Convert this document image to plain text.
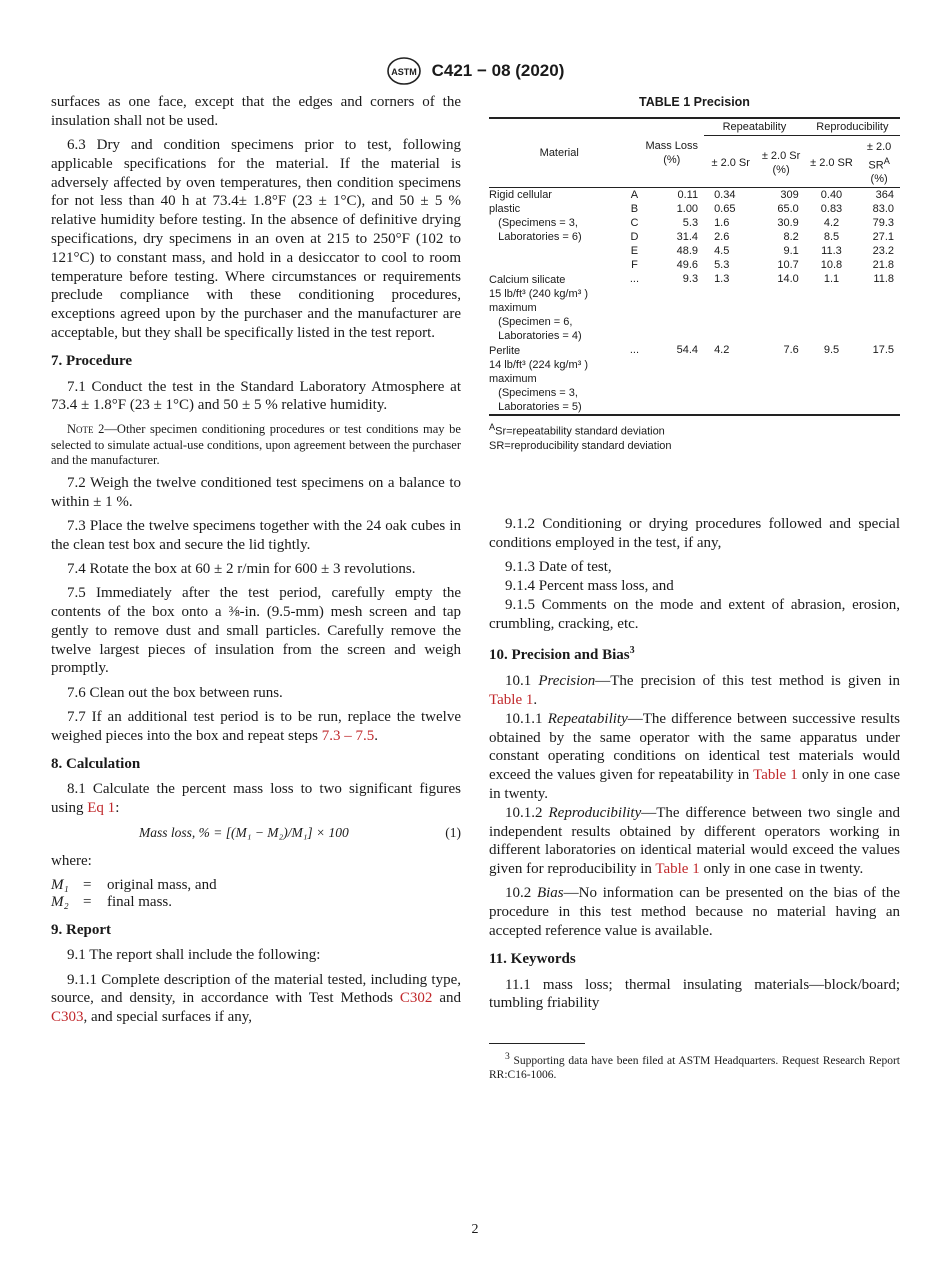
ASTM C421 − 08 (2020)

surfaces as one face, except that the edges and corners of the insulation shall not be used.

6.3 Dry and condition specimens prior to test, following applicable specifications for the material. If the material is adversely affected by oven temperatures, then condition specimens for not less than 40 h at 73.4± 1.8°F (23 ± 1°C), and 50 ± 5 % relative humidity before testing. In the absence of definitive drying specifications, dry specimens in an oven at 215 to 250°F (102 to 121°C) to constant mass, and hold in a desiccator to cool to room temperature before testing. Where circumstances or requirements preclude compliance with these conditioning procedures, exceptions agreed upon by the purchaser and the manufacturer are acceptable, but they shall be specifically listed in the test report.

7. Procedure

7.1 Conduct the test in the Standard Laboratory Atmosphere at 73.4 ± 1.8°F (23 ± 1°C) and 50 ± 5 % relative humidity.

Note 2—Other specimen conditioning procedures or test conditions may be selected to simulate actual-use conditions, upon agreement between the purchaser and the manufacturer.

7.2 Weigh the twelve conditioned test specimens on a balance to within ± 1 %.

7.3 Place the twelve specimens together with the 24 oak cubes in the clean test box and secure the lid tightly.

7.4 Rotate the box at 60 ± 2 r/min for 600 ± 3 revolutions.

7.5 Immediately after the test period, carefully empty the contents of the box onto a ⅜-in. (9.5-mm) mesh screen and tap gently to remove dust and small particles. Carefully remove the twelve largest pieces of insulation from the screen and weigh promptly.

7.6 Clean out the box between runs.

7.7 If an additional test period is to be run, replace the twelve weighed pieces into the box and repeat steps 7.3 – 7.5.

8. Calculation

8.1 Calculate the percent mass loss to two significant figures using Eq 1:

Mass loss, % = [(M₁ − M₂)/M₁] × 100	(1)

where:

M₁	=	original mass, and
M₂	=	final mass.
9. Report

9.1 The report shall include the following:

9.1.1 Complete description of the material tested, including type, source, and density, in accordance with Test Methods C302 and C303, and special surfaces if any,

TABLE 1 Precision
Material		Mass Loss (%)	Repeatability		Reproducibility	
			± 2.0 Sr	± 2.0 Sr (%)	± 2.0 SR	± 2.0
$SR^A$
(%)
Rigid cellular	A	0.11	0.34	309	0.40	364
plastic	B	1.00	0.65	65.0	0.83	83.0
(Specimens = 3,	C	5.3	1.6	30.9	4.2	79.3
Laboratories = 6)	D	31.4	2.6	8.2	8.5	27.1
	E	48.9	4.5	9.1	11.3	23.2
	F	49.6	5.3	10.7	10.8	21.8
Calcium silicate	...	9.3	1.3	14.0	1.1	11.8
15 lb/ft³ (240 kg/m³ )						
maximum						
(Specimen = 6,						
Laboratories = 4)						
Perlite	...	54.4	4.2	7.6	9.5	17.5
14 lb/ft³ (224 kg/m³ )						
maximum						
(Specimens = 3,						
Laboratories = 5)						
$^A$Sr=repeatability standard deviation
SR=reproducibility standard deviation

9.1.2 Conditioning or drying procedures followed and special conditions employed in the test, if any,

9.1.3 Date of test,

9.1.4 Percent mass loss, and

9.1.5 Comments on the mode and extent of abrasion, erosion, crumbling, cracking, etc.

10. Precision and Bias$^3$

10.1 Precision—The precision of this test method is given in Table 1.

10.1.1 Repeatability—The difference between successive results obtained by the same operator with the same apparatus under constant operating conditions on identical test materials would exceed the values given for repeatability in Table 1 only in one case in twenty.

10.1.2 Reproducibility—The difference between two single and independent results obtained by different operators working in different laboratories on identical material would exceed the values given for reproducibility in Table 1 only in one case in twenty.

10.2 Bias—No information can be presented on the bias of the procedure in this test method because no material having an accepted reference value is available.

11. Keywords

11.1 mass loss; thermal insulating materials—block/board; tumbling friability

$^3$ Supporting data have been filed at ASTM Headquarters. Request Research Report RR:C16-1006.
2
